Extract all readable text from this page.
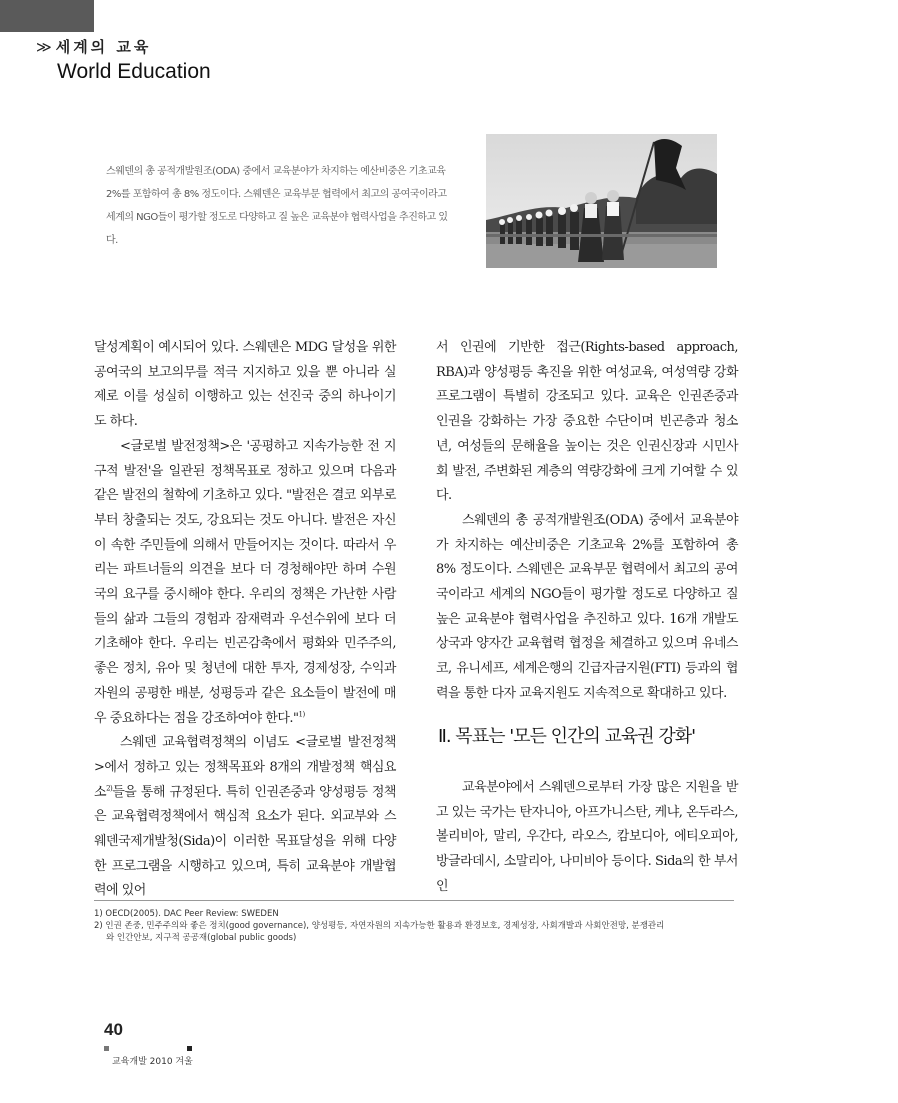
≫ 세계의 교육
World Education
스웨덴의 총 공적개발원조(ODA) 중에서 교육분야가 차지하는 예산비중은 기초교육 2%를 포함하여 총 8% 정도이다. 스웨덴은 교육부문 협력에서 최고의 공여국이라고 세계의 NGO들이 평가할 정도로 다양하고 질 높은 교육분야 협력사업을 추진하고 있다.

달성계획이 예시되어 있다. 스웨덴은 MDG 달성을 위한 공여국의 보고의무를 적극 지지하고 있을 뿐 아니라 실제로 이를 성실히 이행하고 있는 선진국 중의 하나이기도 하다.

<글로벌 발전정책>은 '공평하고 지속가능한 전 지구적 발전'을 일관된 정책목표로 정하고 있으며 다음과 같은 발전의 철학에 기초하고 있다. "발전은 결코 외부로부터 창출되는 것도, 강요되는 것도 아니다. 발전은 자신이 속한 주민들에 의해서 만들어지는 것이다. 따라서 우리는 파트너들의 의견을 보다 더 경청해야만 하며 수원국의 요구를 중시해야 한다. 우리의 정책은 가난한 사람들의 삶과 그들의 경험과 잠재력과 우선수위에 보다 더 기초해야 한다. 우리는 빈곤감축에서 평화와 민주주의, 좋은 정치, 유아 및 청년에 대한 투자, 경제성장, 수익과 자원의 공평한 배분, 성평등과 같은 요소들이 발전에 매우 중요하다는 점을 강조하여야 한다."$^{1)}$

스웨덴 교육협력정책의 이념도 <글로벌 발전정책>에서 정하고 있는 정책목표와 8개의 개발정책 핵심요소$^{2)}$들을 통해 규정된다. 특히 인권존중과 양성평등 정책은 교육협력정책에서 핵심적 요소가 된다. 외교부와 스웨덴국제개발청(Sida)이 이러한 목표달성을 위해 다양한 프로그램을 시행하고 있으며, 특히 교육분야 개발협력에 있어

서 인권에 기반한 접근(Rights-based approach, RBA)과 양성평등 촉진을 위한 여성교육, 여성역량 강화 프로그램이 특별히 강조되고 있다. 교육은 인권존중과 인권을 강화하는 가장 중요한 수단이며 빈곤층과 청소년, 여성들의 문해율을 높이는 것은 인권신장과 시민사회 발전, 주변화된 계층의 역량강화에 크게 기여할 수 있다.

스웨덴의 총 공적개발원조(ODA) 중에서 교육분야가 차지하는 예산비중은 기초교육 2%를 포함하여 총 8% 정도이다. 스웨덴은 교육부문 협력에서 최고의 공여국이라고 세계의 NGO들이 평가할 정도로 다양하고 질 높은 교육분야 협력사업을 추진하고 있다. 16개 개발도상국과 양자간 교육협력 협정을 체결하고 있으며 유네스코, 유니세프, 세계은행의 긴급자금지원(FTI) 등과의 협력을 통한 다자 교육지원도 지속적으로 확대하고 있다.

Ⅱ. 목표는 '모든 인간의 교육권 강화'

교육분야에서 스웨덴으로부터 가장 많은 지원을 받고 있는 국가는 탄자니아, 아프가니스탄, 케냐, 온두라스, 볼리비아, 말리, 우간다, 라오스, 캄보디아, 에티오피아, 방글라데시, 소말리아, 나미비아 등이다. Sida의 한 부서인

1) OECD(2005). DAC Peer Review: SWEDEN
2) 인권 존중, 민주주의와 좋은 정치(good governance), 양성평등, 자연자원의 지속가능한 활용과 환경보호, 경제성장, 사회개발과 사회안전망, 분쟁관리
와 인간안보, 지구적 공공재(global public goods)
40
교육개발 2010 겨울
